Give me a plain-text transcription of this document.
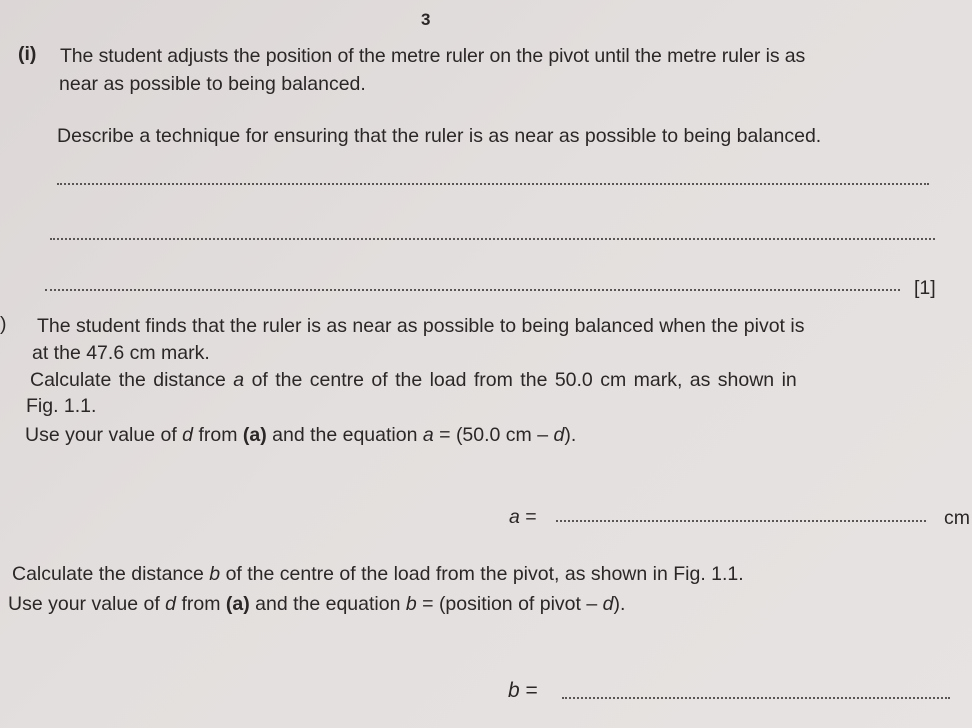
3
(i) The student adjusts the position of the metre ruler on the pivot until the metre ruler is as
near as possible to being balanced.
Describe a technique for ensuring that the ruler is as near as possible to being balanced.
[1]
) The student finds that the ruler is as near as possible to being balanced when the pivot is
at the 47.6 cm mark.
Calculate the distance a of the centre of the load from the 50.0 cm mark, as shown in
Fig. 1.1.
Use your value of d from (a) and the equation a = (50.0 cm – d).
a =	cm
Calculate the distance b of the centre of the load from the pivot, as shown in Fig. 1.1.
Use your value of d from (a) and the equation b = (position of pivot – d).
b =
